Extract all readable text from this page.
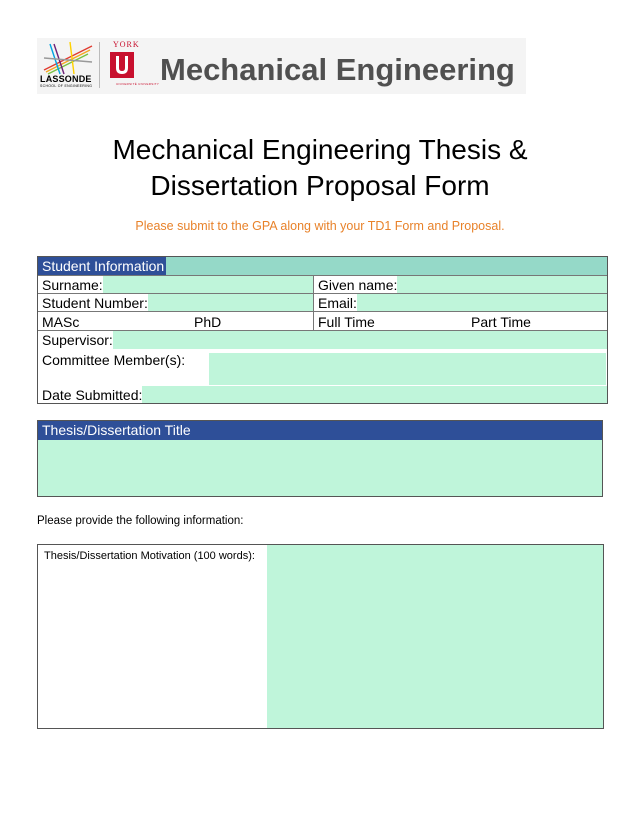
LASSONDE
SCHOOL OF ENGINEERING
YORK
UNIVERSITÉ UNIVERSITY Mechanical Engineering
Mechanical Engineering Thesis &
Dissertation Proposal Form
Please submit to the GPA along with your TD1 Form and Proposal.
Student Information
Surname:	Given name:
Student Number:	Email:
MASc	PhD	Full Time	Part Time
Supervisor:
Committee Member(s):
Date Submitted:
Thesis/Dissertation Title
Please provide the following information:
Thesis/Dissertation Motivation (100 words):
